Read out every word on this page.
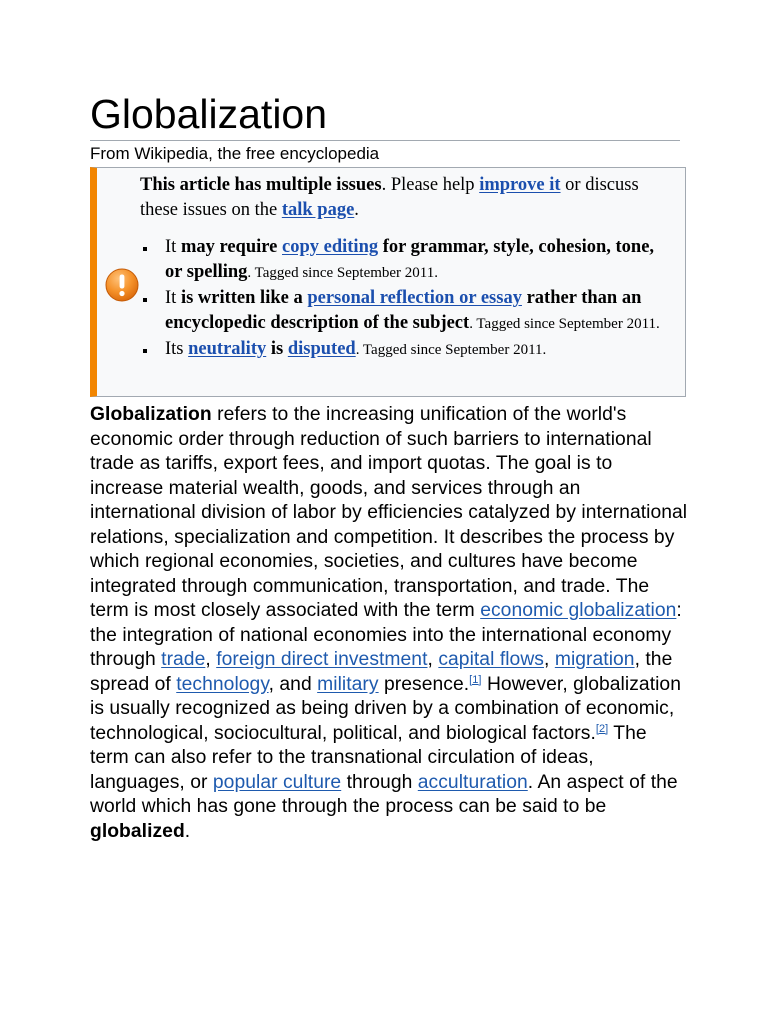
Globalization
From Wikipedia, the free encyclopedia

This article has multiple issues. Please help improve it or discuss these issues on the talk page.

It may require copy editing for grammar, style, cohesion, tone, or spelling. Tagged since September 2011.
It is written like a personal reflection or essay rather than an encyclopedic description of the subject. Tagged since September 2011.
Its neutrality is disputed. Tagged since September 2011.
Globalization refers to the increasing unification of the world's economic order through reduction of such barriers to international trade as tariffs, export fees, and import quotas. The goal is to increase material wealth, goods, and services through an international division of labor by efficiencies catalyzed by international relations, specialization and competition. It describes the process by which regional economies, societies, and cultures have become integrated through communication, transportation, and trade. The term is most closely associated with the term economic globalization: the integration of national economies into the international economy through trade, foreign direct investment, capital flows, migration, the spread of technology, and military presence.[1] However, globalization is usually recognized as being driven by a combination of economic, technological, sociocultural, political, and biological factors.[2] The term can also refer to the transnational circulation of ideas, languages, or popular culture through acculturation. An aspect of the world which has gone through the process can be said to be globalized.
